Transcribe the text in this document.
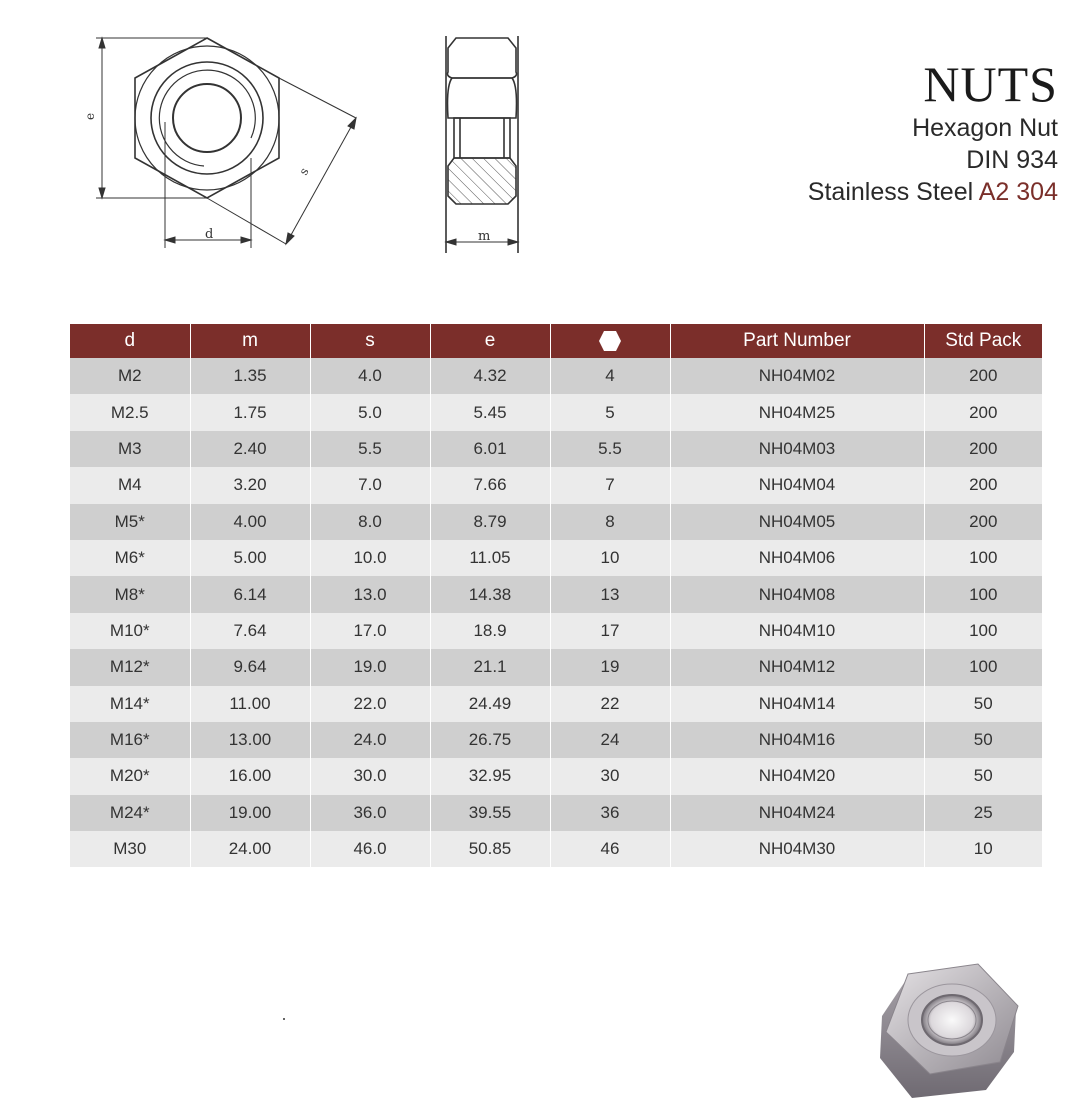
e
d
s
m
NUTS
Hexagon Nut
DIN 934
Stainless Steel A2 304
d	m	s	e		Part Number	Std Pack
M2	1.35	4.0	4.32	4	NH04M02	200
M2.5	1.75	5.0	5.45	5	NH04M25	200
M3	2.40	5.5	6.01	5.5	NH04M03	200
M4	3.20	7.0	7.66	7	NH04M04	200
M5*	4.00	8.0	8.79	8	NH04M05	200
M6*	5.00	10.0	11.05	10	NH04M06	100
M8*	6.14	13.0	14.38	13	NH04M08	100
M10*	7.64	17.0	18.9	17	NH04M10	100
M12*	9.64	19.0	21.1	19	NH04M12	100
M14*	11.00	22.0	24.49	22	NH04M14	50
M16*	13.00	24.0	26.75	24	NH04M16	50
M20*	16.00	30.0	32.95	30	NH04M20	50
M24*	19.00	36.0	39.55	36	NH04M24	25
M30	24.00	46.0	50.85	46	NH04M30	10
